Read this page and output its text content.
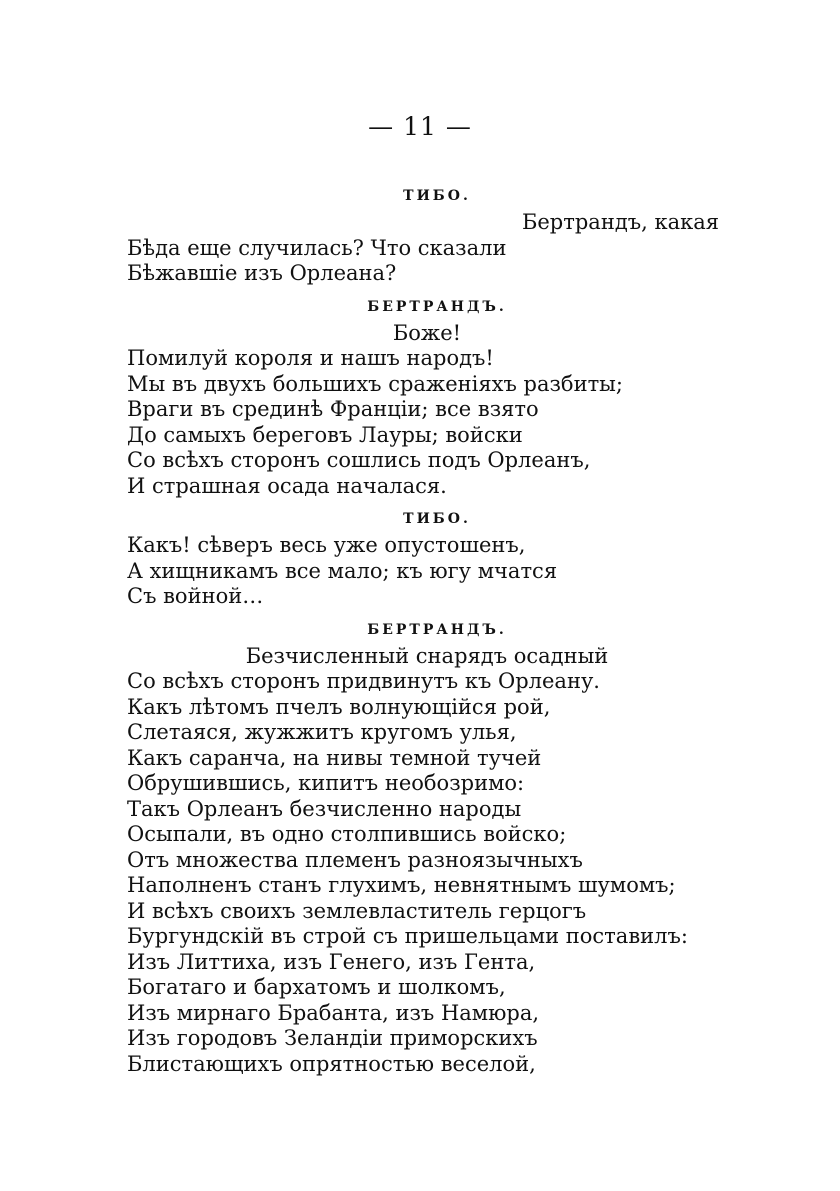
— 11 —
ТИБО.
Бертрандъ, какая
Бѣда еще случилась? Что сказали
Бѣжавшіе изъ Орлеана?
БЕРТРАНДЪ.
Боже!
Помилуй короля и нашъ народъ!
Мы въ двухъ большихъ сраженіяхъ разбиты;
Враги въ срединѣ Франціи; все взято
До самыхъ береговъ Лауры; войски
Со всѣхъ сторонъ сошлись подъ Орлеанъ,
И страшная осада началася.
ТИБО.
Какъ! сѣверъ весь уже опустошенъ,
А хищникамъ все мало; къ югу мчатся
Съ войной…
БЕРТРАНДЪ.
Безчисленный снарядъ осадный
Со всѣхъ сторонъ придвинутъ къ Орлеану.
Какъ лѣтомъ пчелъ волнующійся рой,
Слетаяся, жужжитъ кругомъ улья,
Какъ саранча, на нивы темной тучей
Обрушившись, кипитъ необозримо:
Такъ Орлеанъ безчисленно народы
Осыпали, въ одно столпившись войско;
Отъ множества племенъ разноязычныхъ
Наполненъ станъ глухимъ, невнятнымъ шумомъ;
И всѣхъ своихъ землевластитель герцогъ
Бургундскій въ строй съ пришельцами поставилъ:
Изъ Литтиха, изъ Генего, изъ Гента,
Богатаго и бархатомъ и шолкомъ,
Изъ мирнаго Брабанта, изъ Намюра,
Изъ городовъ Зеландіи приморскихъ
Блистающихъ опрятностью веселой,
